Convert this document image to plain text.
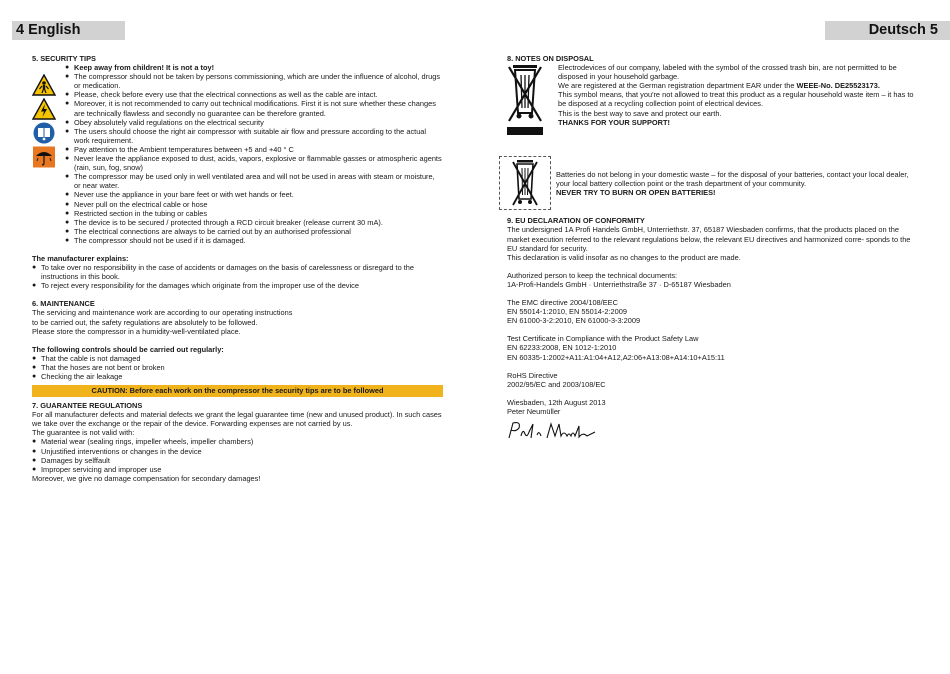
4 English	Deutsch 5
5. SECURITY TIPS
● Keep away from children! It is not a toy!
● The compressor should not be taken by persons commissioning, which are under the influence of alcohol, drugs or medication.
● Please, check before every use that the electrical connections as well as the cable are intact.
● Moreover, it is not recommended to carry out technical modifications. First it is not sure whether these changes are technically flawless and secondly no guarantee can be therefore granted.
● Obey absolutely valid regulations on the electrical security
● The users should choose the right air compressor with suitable air flow and pressure according to the actual work requirement.
● Pay attention to the Ambient temperatures between +5 and +40 ° C
● Never leave the appliance exposed to dust, acids, vapors, explosive or flammable gasses or atmospheric agents (rain, sun, fog, snow)
● The compressor may be used only in well ventilated area and will not be used in areas with steam or moisture, or near water.
● Never use the appliance in your bare feet or with wet hands or feet.
● Never pull on the electrical cable or hose
● Restricted section in the tubing or cables
● The device is to be secured / protected through a RCD circuit breaker (release current 30 mA).
● The electrical connections are always to be carried out by an authorised professional
● The compressor should not be used if it is damaged.
The manufacturer explains:
● To take over no responsibility in the case of accidents or damages on the basis of carelessness or disregard to the instructions in this book.
● To reject every responsibility for the damages which originate from the improper use of the device
6. MAINTENANCE
The servicing and maintenance work are according to our operating instructions
to be carried out, the safety regulations are absolutely to be followed.
Please store the compressor in a humidity-well-ventilated place.
The following controls should be carried out regularly:
● That the cable is not damaged
● That the hoses are not bent or broken
● Checking the air leakage
CAUTION: Before each work on the compressor the security tips are to be followed
7. GUARANTEE REGULATIONS
For all manufacturer defects and material defects we grant the legal guarantee time (new and unused product). In such cases we take over the exchange or the repair of the device. Forwarding expenses are not carried by us.
The guarantee is not valid with:
● Material wear (sealing rings, impeller wheels, impeller chambers)
● Unjustified interventions or changes in the device
● Damages by selffault
● Improper servicing and improper use
Moreover, we give no damage compensation for secondary damages!
8. NOTES ON DISPOSAL
Electrodevices of our company, labeled with the symbol of the crossed trash bin, are not permitted to be disposed in your household garbage.
We are registered at the German registration department EAR under the WEEE-No. DE25523173.
This symbol means, that you're not allowed to treat this product as a regular household waste item – it has to be disposed at a recycling collection point of electrical devices.
This is the best way to save and protect our earth.
THANKS FOR YOUR SUPPORT!
Batteries do not belong in your domestic waste – for the disposal of your batteries, contact your local dealer, your local battery collection point or the trash department of your community.
NEVER TRY TO BURN OR OPEN BATTERIES!
9. EU DECLARATION OF CONFORMITY
The undersigned 1A Profi Handels GmbH, Unterriethstr. 37, 65187 Wiesbaden confirms, that the products placed on the market execution referred to the relevant regulations below, the relevant EU directives and harmonized corre- sponds to the EU standard for security.
This declaration is valid insofar as no changes to the product are made.
Authorized person to keep the technical documents:
1A-Profi-Handels GmbH · Unterriethstraße 37 · D-65187 Wiesbaden
The EMC directive 2004/108/EEC
EN 55014-1:2010, EN 55014-2:2009
EN 61000-3-2:2010, EN 61000-3-3:2009
Test Certificate in Compliance with the Product Safety Law
EN 62233:2008, EN 1012-1:2010
EN 60335-1:2002+A11:A1:04+A12,A2:06+A13:08+A14:10+A15:11
RoHS Directive
2002/95/EC and 2003/108/EC
Wiesbaden, 12th August 2013
Peter Neumüller
